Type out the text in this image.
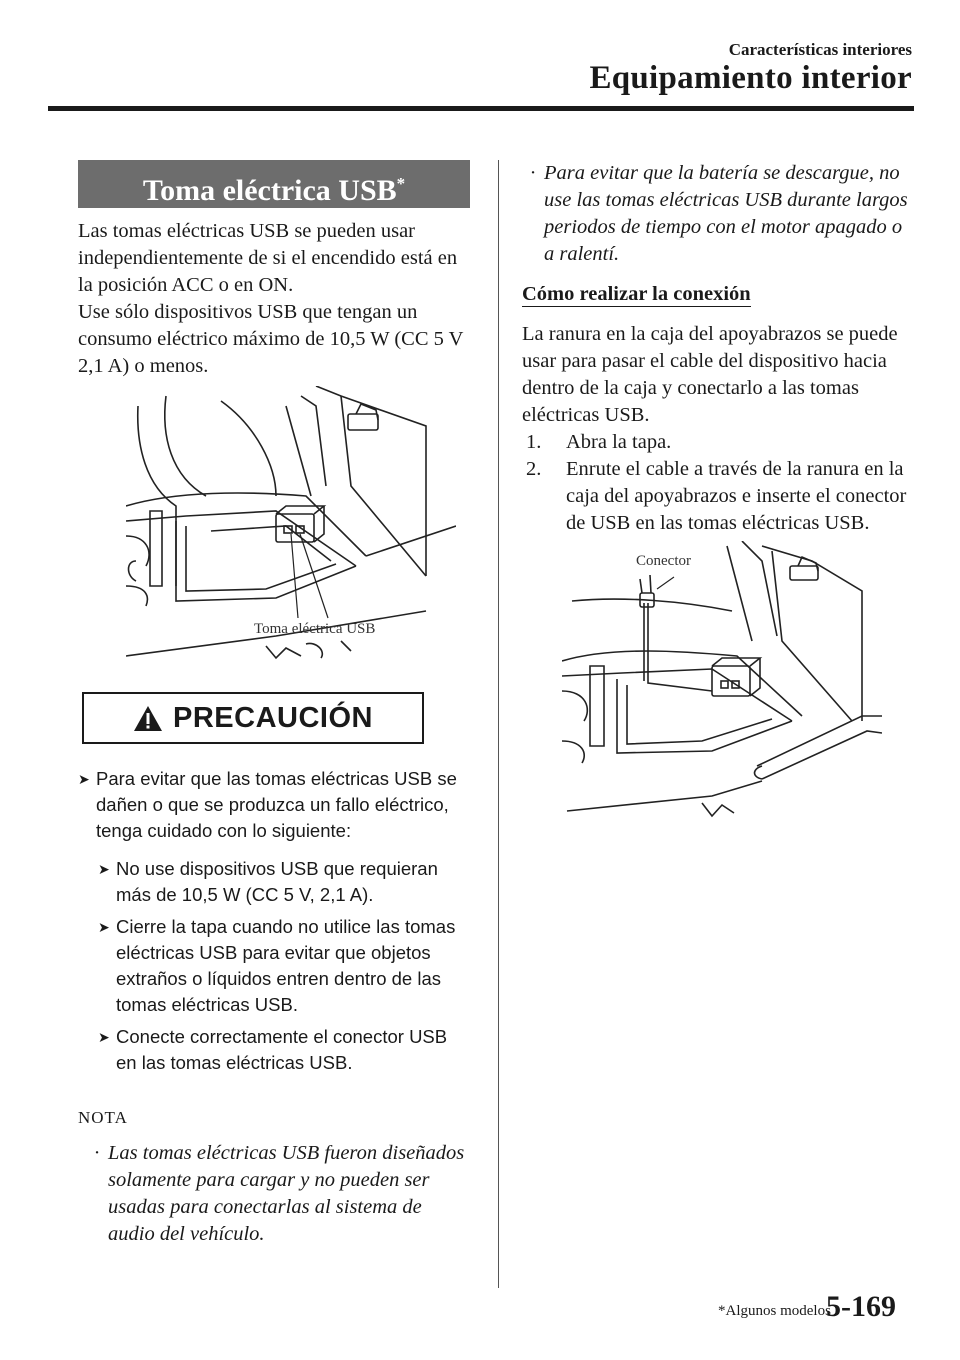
Características interiores
Equipamiento interior
Toma eléctrica USB*
Las tomas eléctricas USB se pueden usar independientemente de si el encendido está en la posición ACC o en ON.
Use sólo dispositivos USB que tengan un consumo eléctrico máximo de 10,5 W (CC 5 V 2,1 A) o menos.
Toma eléctrica USB
PRECAUCIÓN
➤ Para evitar que las tomas eléctricas USB se dañen o que se produzca un fallo eléctrico, tenga cuidado con lo siguiente:
➤ No use dispositivos USB que requieran más de 10,5 W (CC 5 V, 2,1 A).
➤ Cierre la tapa cuando no utilice las tomas eléctricas USB para evitar que objetos extraños o líquidos entren dentro de las tomas eléctricas USB.
➤ Conecte correctamente el conector USB en las tomas eléctricas USB.
NOTA
· Las tomas eléctricas USB fueron diseñados solamente para cargar y no pueden ser usadas para conectarlas al sistema de audio del vehículo.
· Para evitar que la batería se descargue, no use las tomas eléctricas USB durante largos periodos de tiempo con el motor apagado o a ralentí.
Cómo realizar la conexión
La ranura en la caja del apoyabrazos se puede usar para pasar el cable del dispositivo hacia dentro de la caja y conectarlo a las tomas eléctricas USB.
1.	Abra la tapa.
2.	Enrute el cable a través de la ranura en la caja del apoyabrazos e inserte el conector de USB en las tomas eléctricas USB.
Conector
*Algunos modelos
5-169
